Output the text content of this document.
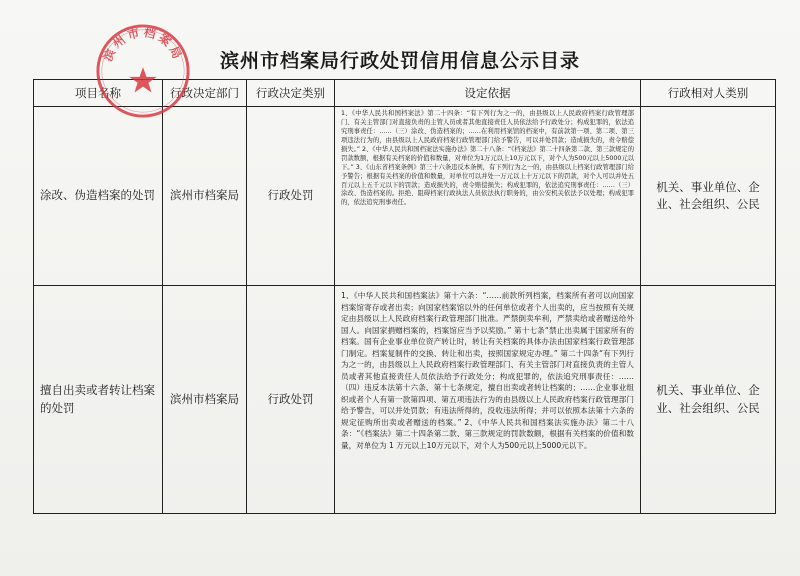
滨州市档案局行政处罚信用信息公示目录
项目名称	行政决定部门	行政决定类别	设定依据	行政相对人类别
涂改、伪造档案的处罚	滨州市档案局	行政处罚	1、《中华人民共和国档案法》第二十四条：“有下列行为之一的，由县级以上人民政府档案行政管理部门、有关主管部门对直接负责的主管人员或者其他直接责任人员依法给予行政处分；构成犯罪的，依法追究刑事责任：……（三）涂改、伪造档案的；……在利用档案馆的档案中，有前款第一项、第二项、第三项违法行为的，由县级以上人民政府档案行政管理部门给予警告，可以并处罚款；造成损失的，责令赔偿损失。” 2、《中华人民共和国档案法实施办法》第二十八条：“《档案法》第二十四条第二款、第三款规定的罚款数额，根据有关档案的价值和数量，对单位为1万元以上10万元以下，对个人为500元以上5000元以下。” 3、《山东省档案条例》第三十六条违反本条例，有下列行为之一的，由县级以上档案行政管理部门给予警告；根据有关档案的价值和数量，对单位可以并处一万元以上十万元以下的罚款，对个人可以并处五百元以上五千元以下的罚款；造成损失的，责令赔偿损失；构成犯罪的，依法追究刑事责任：……（三）涂改、伪造档案的。拒绝、阻碍档案行政执法人员依法执行职务的，由公安机关依法予以处理；构成犯罪的，依法追究刑事责任。	机关、事业单位、企业、社会组织、公民
擅自出卖或者转让档案的处罚	滨州市档案局	行政处罚	1、《中华人民共和国档案法》第十六条：“……前款所列档案，档案所有者可以向国家档案馆寄存或者出卖；向国家档案馆以外的任何单位或者个人出卖的，应当按照有关规定由县级以上人民政府档案行政管理部门批准。严禁倒卖牟利，严禁卖给或者赠送给外国人。向国家捐赠档案的，档案馆应当予以奖励。” 第十七条“禁止出卖属于国家所有的档案。国有企业事业单位资产转让时，转让有关档案的具体办法由国家档案行政管理部门制定。档案复制件的交换、转让和出卖，按照国家规定办理。” 第二十四条“有下列行为之一的，由县级以上人民政府档案行政管理部门、有关主管部门对直接负责的主管人员或者其他直接责任人员依法给予行政处分；构成犯罪的，依法追究刑事责任：……（四）违反本法第十六条、第十七条规定，擅自出卖或者转让档案的；……企业事业组织或者个人有第一款第四项、第五项违法行为的由县级以上人民政府档案行政管理部门给予警告，可以并处罚款；有违法所得的，没收违法所得；并可以依照本法第十六条的规定征购所出卖或者赠送的档案。” 2、《中华人民共和国档案法实施办法》第二十八条：“《档案法》第二十四条第二款、第三款规定的罚款数额，根据有关档案的价值和数量，对单位为 1 万元以上10万元以下，对个人为500元以上5000元以下。	机关、事业单位、企业、社会组织、公民
滨州市档案局
